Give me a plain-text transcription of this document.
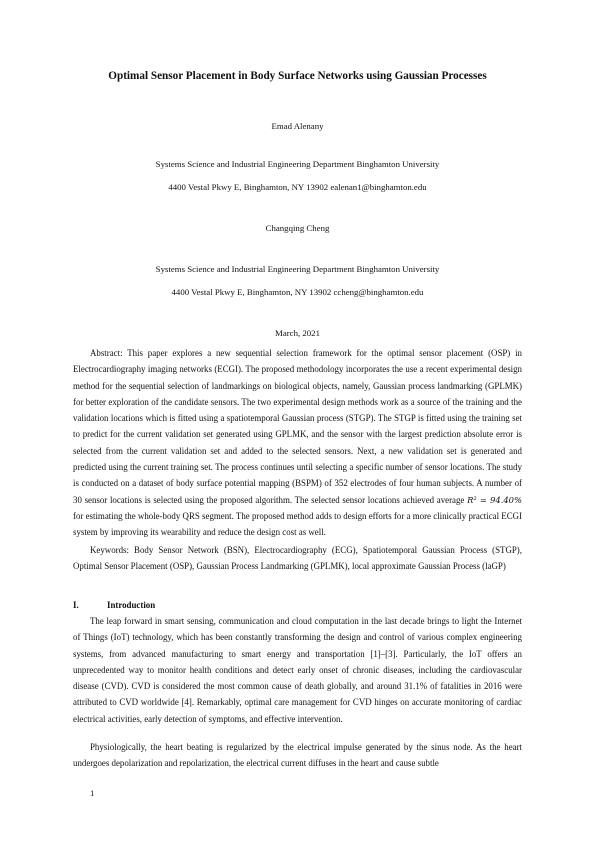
Optimal Sensor Placement in Body Surface Networks using Gaussian Processes
Emad Alenany
Systems Science and Industrial Engineering Department Binghamton University
4400 Vestal Pkwy E, Binghamton, NY 13902 ealenan1@binghamton.edu
Changqing Cheng
Systems Science and Industrial Engineering Department Binghamton University
4400 Vestal Pkwy E, Binghamton, NY 13902 ccheng@binghamton.edu
March, 2021

Abstract: This paper explores a new sequential selection framework for the optimal sensor placement (OSP) in Electrocardiography imaging networks (ECGI). The proposed methodology incorporates the use a recent experimental design method for the sequential selection of landmarkings on biological objects, namely, Gaussian process landmarking (GPLMK) for better exploration of the candidate sensors. The two experimental design methods work as a source of the training and the validation locations which is fitted using a spatiotemporal Gaussian process (STGP). The STGP is fitted using the training set to predict for the current validation set generated using GPLMK, and the sensor with the largest prediction absolute error is selected from the current validation set and added to the selected sensors. Next, a new validation set is generated and predicted using the current training set. The process continues until selecting a specific number of sensor locations. The study is conducted on a dataset of body surface potential mapping (BSPM) of 352 electrodes of four human subjects. A number of 30 sensor locations is selected using the proposed algorithm. The selected sensor locations achieved average R² = 94.40% for estimating the whole-body QRS segment. The proposed method adds to design efforts for a more clinically practical ECGI system by improving its wearability and reduce the design cost as well.

Keywords: Body Sensor Network (BSN), Electrocardiography (ECG), Spatiotemporal Gaussian Process (STGP), Optimal Sensor Placement (OSP), Gaussian Process Landmarking (GPLMK), local approximate Gaussian Process (laGP)

I.	Introduction

The leap forward in smart sensing, communication and cloud computation in the last decade brings to light the Internet of Things (IoT) technology, which has been constantly transforming the design and control of various complex engineering systems, from advanced manufacturing to smart energy and transportation [1]–[3]. Particularly, the IoT offers an unprecedented way to monitor health conditions and detect early onset of chronic diseases, including the cardiovascular disease (CVD). CVD is considered the most common cause of death globally, and around 31.1% of fatalities in 2016 were attributed to CVD worldwide [4]. Remarkably, optimal care management for CVD hinges on accurate monitoring of cardiac electrical activities, early detection of symptoms, and effective intervention.

Physiologically, the heart beating is regularized by the electrical impulse generated by the sinus node. As the heart undergoes depolarization and repolarization, the electrical current diffuses in the heart and cause subtle

1
